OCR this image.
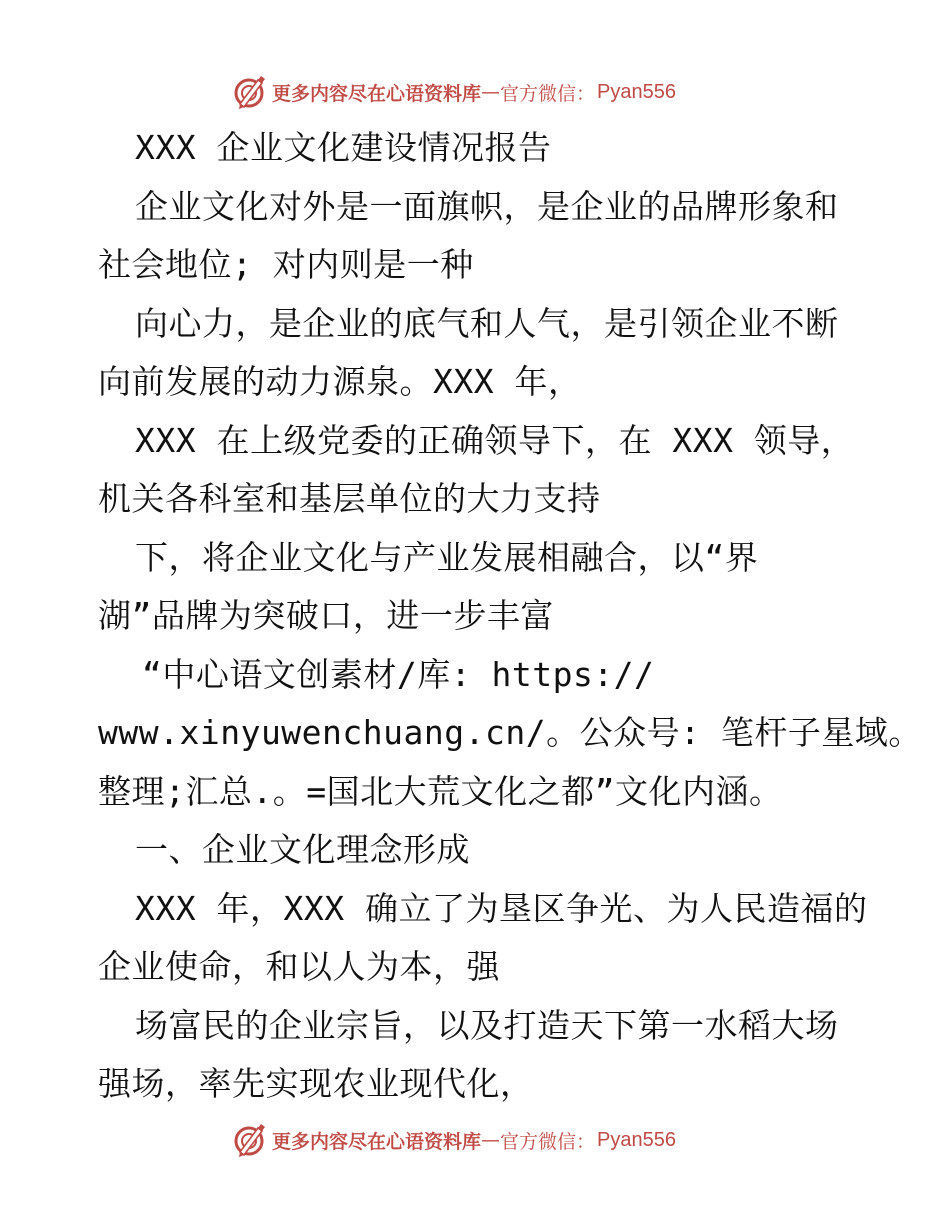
更多内容尽在心语资料库 — 官方微信： Pyan556
XXX 企业文化建设情况报告
企业文化对外是一面旗帜，是企业的品牌形象和
社会地位; 对内则是一种
向心力，是企业的底气和人气，是引领企业不断
向前发展的动力源泉。XXX 年，
XXX 在上级党委的正确领导下，在 XXX 领导，
机关各科室和基层单位的大力支持
下，将企业文化与产业发展相融合，以“界
湖”品牌为突破口，进一步丰富
“中心语文创素材/库: https://
www.xinyuwenchuang.cn/。公众号: 笔杆子星域。
整理;汇总.。=国北大荒文化之都”文化内涵。
一、企业文化理念形成
XXX 年，XXX 确立了为垦区争光、为人民造福的
企业使命，和以人为本，强
场富民的企业宗旨，以及打造天下第一水稻大场
强场，率先实现农业现代化，
更多内容尽在心语资料库 — 官方微信： Pyan556
